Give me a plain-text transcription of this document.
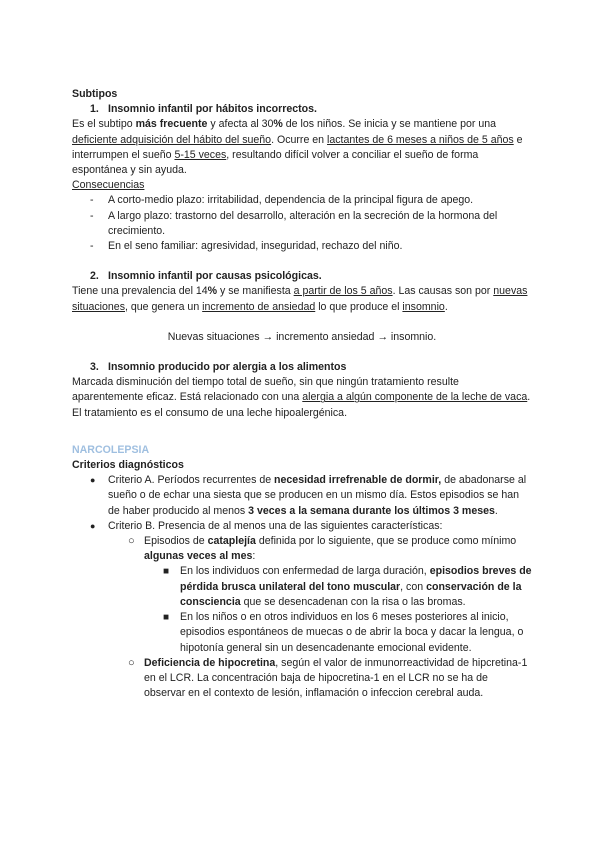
Subtipos

1. Insomnio infantil por hábitos incorrectos.

Es el subtipo más frecuente y afecta al 30% de los niños. Se inicia y se mantiene por una deficiente adquisición del hábito del sueño. Ocurre en lactantes de 6 meses a niños de 5 años e interrumpen el sueño 5-15 veces, resultando difícil volver a conciliar el sueño de forma espontánea y sin ayuda.

Consecuencias

- A corto-medio plazo: irritabilidad, dependencia de la principal figura de apego.
- A largo plazo: trastorno del desarrollo, alteración en la secreción de la hormona del crecimiento.
- En el seno familiar: agresividad, inseguridad, rechazo del niño.

2. Insomnio infantil por causas psicológicas.

Tiene una prevalencia del 14% y se manifiesta a partir de los 5 años. Las causas son por nuevas situaciones, que genera un incremento de ansiedad lo que produce el insomnio.

Nuevas situaciones → incremento ansiedad → insomnio.

3. Insomnio producido por alergia a los alimentos

Marcada disminución del tiempo total de sueño, sin que ningún tratamiento resulte aparentemente eficaz. Está relacionado con una alergia a algún componente de la leche de vaca. El tratamiento es el consumo de una leche hipoalergénica.

NARCOLEPSIA

Criterios diagnósticos

● Criterio A. Períodos recurrentes de necesidad irrefrenable de dormir, de abadonarse al sueño o de echar una siesta que se producen en un mismo día. Estos episodios se han de haber producido al menos 3 veces a la semana durante los últimos 3 meses.

● Criterio B. Presencia de al menos una de las siguientes características:

○ Episodios de cataplejía definida por lo siguiente, que se produce como mínimo algunas veces al mes:

■ En los individuos con enfermedad de larga duración, episodios breves de pérdida brusca unilateral del tono muscular, con conservación de la consciencia que se desencadenan con la risa o las bromas.

■ En los niños o en otros individuos en los 6 meses posteriores al inicio, episodios espontáneos de muecas o de abrir la boca y dacar la lengua, o hipotonía general sin un desencadenante emocional evidente.

○ Deficiencia de hipocretina, según el valor de inmunorreactividad de hipcretina-1 en el LCR. La concentración baja de hipocretina-1 en el LCR no se ha de observar en el contexto de lesión, inflamación o infeccion cerebral auda.
